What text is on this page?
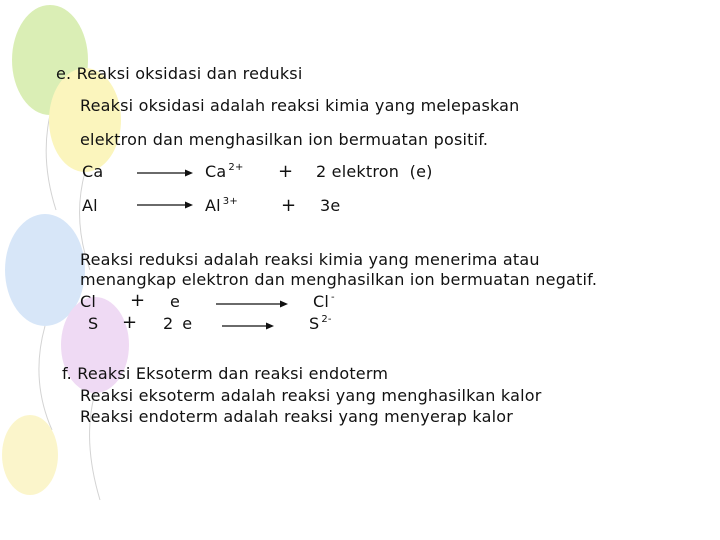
e. Reaksi oksidasi dan reduksi
Reaksi oksidasi adalah reaksi kimia yang melepaskan
elektron dan menghasilkan ion bermuatan positif.
Ca	Ca $^{2+}$ + 2 elektron  (e)
Al	Al $^{3+}$ + 3e
Reaksi reduksi adalah reaksi kimia yang menerima atau
menangkap elektron dan menghasilkan ion bermuatan negatif.
Cl + e	Cl -
S + 2 e	S $^{2-}$
f. Reaksi Eksoterm dan reaksi endoterm
Reaksi eksoterm adalah reaksi yang menghasilkan kalor
Reaksi endoterm adalah reaksi yang menyerap kalor
